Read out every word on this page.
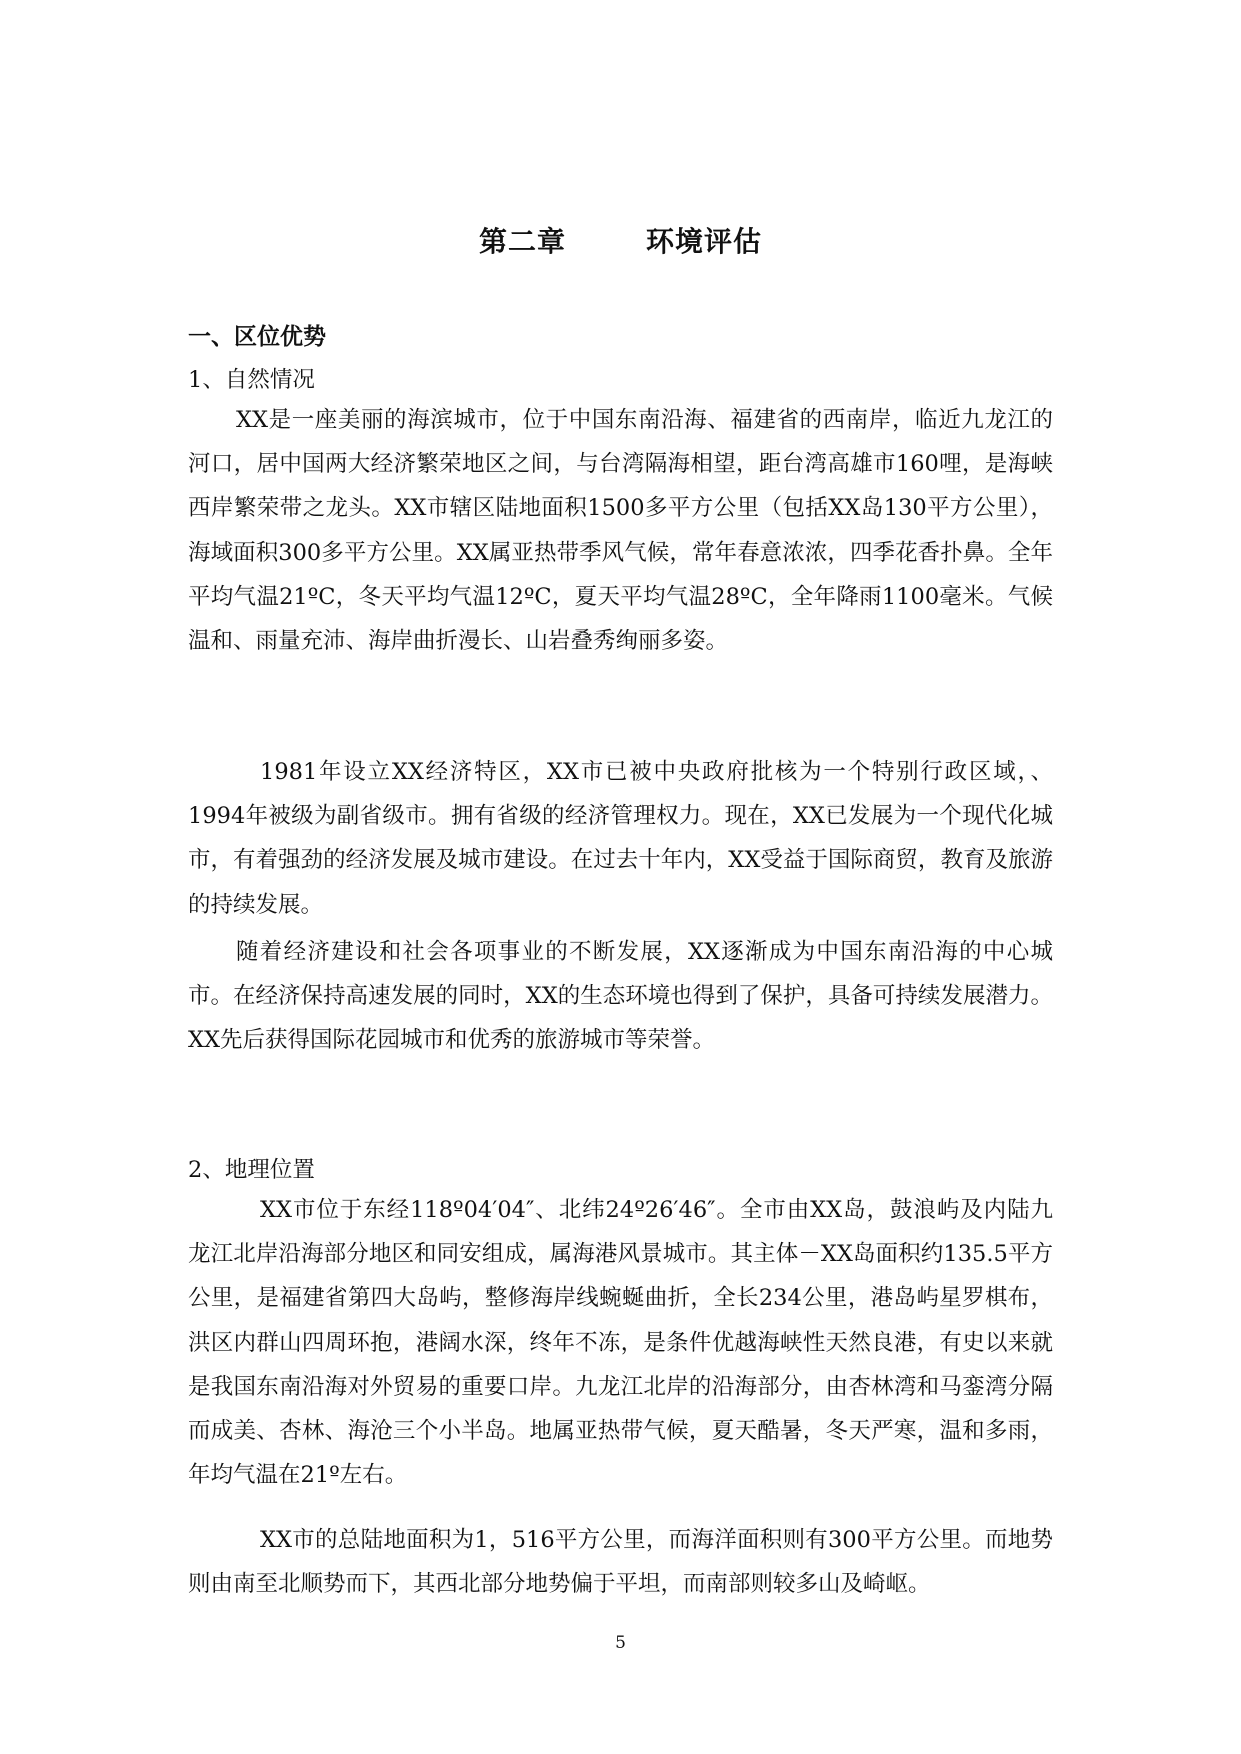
第二章	环境评估
一、区位优势
1、自然情况

XX是一座美丽的海滨城市，位于中国东南沿海、福建省的西南岸，临近九龙江的河口，居中国两大经济繁荣地区之间，与台湾隔海相望，距台湾高雄市160哩，是海峡西岸繁荣带之龙头。XX市辖区陆地面积1500多平方公里（包括XX岛130平方公里），海域面积300多平方公里。XX属亚热带季风气候，常年春意浓浓，四季花香扑鼻。全年平均气温21ºC，冬天平均气温12ºC，夏天平均气温28ºC，全年降雨1100毫米。气候温和、雨量充沛、海岸曲折漫长、山岩叠秀绚丽多姿。

1981年设立XX经济特区，XX市已被中央政府批核为一个特别行政区域，、1994年被级为副省级市。拥有省级的经济管理权力。现在，XX已发展为一个现代化城市，有着强劲的经济发展及城市建设。在过去十年内，XX受益于国际商贸，教育及旅游的持续发展。

随着经济建设和社会各项事业的不断发展，XX逐渐成为中国东南沿海的中心城市。在经济保持高速发展的同时，XX的生态环境也得到了保护，具备可持续发展潜力。XX先后获得国际花园城市和优秀的旅游城市等荣誉。

2、地理位置

XX市位于东经118º04′04″、北纬24º26′46″。全市由XX岛，鼓浪屿及内陆九龙江北岸沿海部分地区和同安组成，属海港风景城市。其主体－XX岛面积约135.5平方公里，是福建省第四大岛屿，整修海岸线蜿蜒曲折，全长234公里，港岛屿星罗棋布，洪区内群山四周环抱，港阔水深，终年不冻，是条件优越海峡性天然良港，有史以来就是我国东南沿海对外贸易的重要口岸。九龙江北岸的沿海部分，由杏林湾和马銮湾分隔而成美、杏林、海沧三个小半岛。地属亚热带气候，夏天酷暑，冬天严寒，温和多雨，年均气温在21º左右。

XX市的总陆地面积为1，516平方公里，而海洋面积则有300平方公里。而地势则由南至北顺势而下，其西北部分地势偏于平坦，而南部则较多山及崎岖。

5
